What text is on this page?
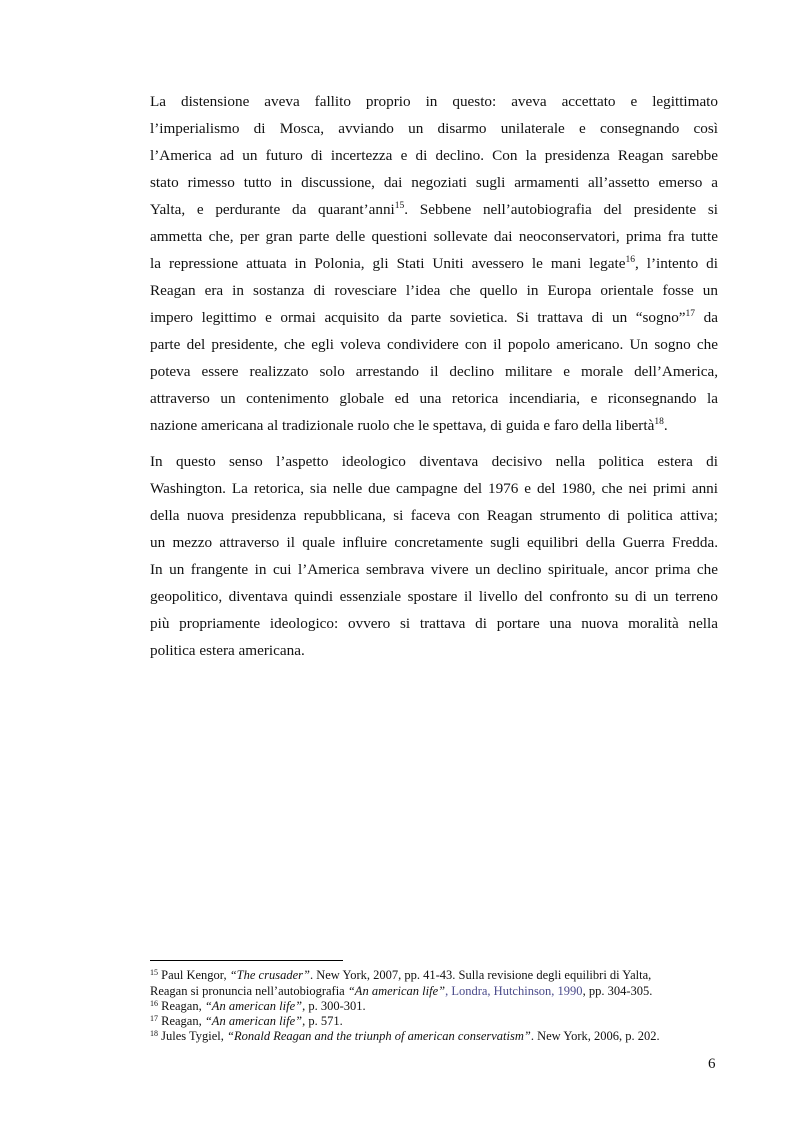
La distensione aveva fallito proprio in questo: aveva accettato e legittimato
l’imperialismo di Mosca, avviando un disarmo unilaterale e consegnando così
l’America ad un futuro di incertezza e di declino. Con la presidenza Reagan sarebbe
stato rimesso tutto in discussione, dai negoziati sugli armamenti all’assetto emerso a
Yalta, e perdurante da quarant’anni$^{15}$. Sebbene nell’autobiografia del presidente si
ammetta che, per gran parte delle questioni sollevate dai neoconservatori, prima fra tutte
la repressione attuata in Polonia, gli Stati Uniti avessero le mani legate$^{16}$, l’intento di
Reagan era in sostanza di rovesciare l’idea che quello in Europa orientale fosse un
impero legittimo e ormai acquisito da parte sovietica. Si trattava di un “sogno”$^{17}$ da
parte del presidente, che egli voleva condividere con il popolo americano. Un sogno che
poteva essere realizzato solo arrestando il declino militare e morale dell’America,
attraverso un contenimento globale ed una retorica incendiaria, e riconsegnando la
nazione americana al tradizionale ruolo che le spettava, di guida e faro della libertà$^{18}$.
In questo senso l’aspetto ideologico diventava decisivo nella politica estera di
Washington. La retorica, sia nelle due campagne del 1976 e del 1980, che nei primi anni
della nuova presidenza repubblicana, si faceva con Reagan strumento di politica attiva;
un mezzo attraverso il quale influire concretamente sugli equilibri della Guerra Fredda.
In un frangente in cui l’America sembrava vivere un declino spirituale, ancor prima che
geopolitico, diventava quindi essenziale spostare il livello del confronto su di un terreno
più propriamente ideologico: ovvero si trattava di portare una nuova moralità nella
politica estera americana.
$^{15}$ Paul Kengor, “The crusader”. New York, 2007, pp. 41-43. Sulla revisione degli equilibri di Yalta,
Reagan si pronuncia nell’autobiografia “An american life”, Londra, Hutchinson, 1990, pp. 304-305.
$^{16}$ Reagan, “An american life”, p. 300-301.
$^{17}$ Reagan, “An american life”, p. 571.
$^{18}$ Jules Tygiel, “Ronald Reagan and the triunph of american conservatism”. New York, 2006, p. 202.
6
